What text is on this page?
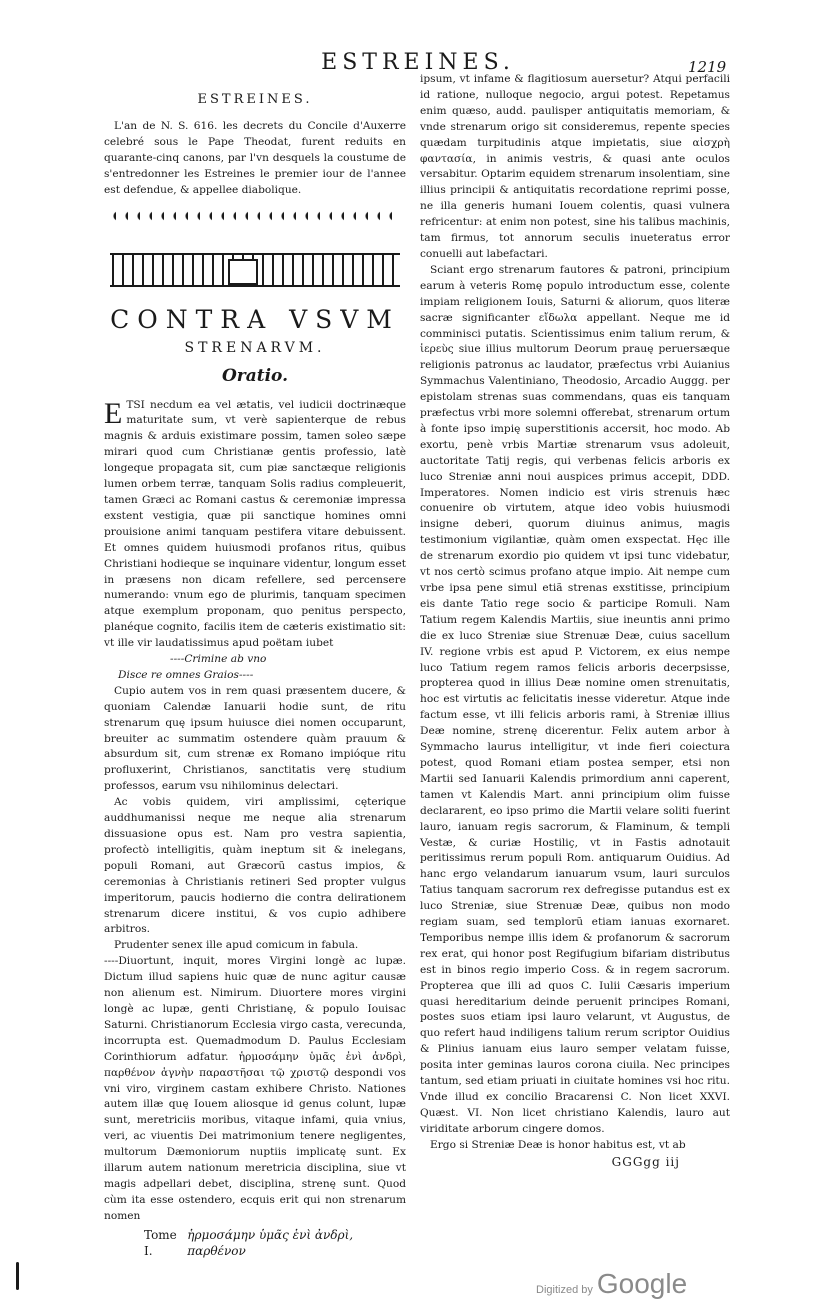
ESTREINES.	1219
ESTREINES.

L'an de N. S. 616. les decrets du Concile d'Auxerre celebré sous le Pape Theodat, furent reduits en quarante-cinq canons, par l'vn desquels la coustume de s'entredonner les Estreines le premier iour de l'annee est defendue, & appellee diabolique.

CONTRA VSVM
STRENARVM.
Oratio.

ETSI necdum ea vel ætatis, vel iudicii doctrinæque maturitate sum, vt verè sapienterque de rebus magnis & arduis existimare possim, tamen soleo sæpe mirari quod cum Christianæ gentis professio, latè longeque propagata sit, cum piæ sanctæque religionis lumen orbem terræ, tanquam Solis radius compleuerit, tamen Græci ac Romani castus & ceremoniæ impressa exstent vestigia, quæ pii sanctique homines omni prouisione animi tanquam pestifera vitare debuissent. Et omnes quidem huiusmodi profanos ritus, quibus Christiani hodieque se inquinare videntur, longum esset in præsens non dicam refellere, sed percensere numerando: vnum ego de plurimis, tanquam specimen atque exemplum proponam, quo penitus perspecto, planéque cognito, facilis item de cæteris existimatio sit: vt ille vir laudatissimus apud poëtam iubet

----Crimine ab vno
Disce re omnes Graios----

Cupio autem vos in rem quasi præsentem ducere, & quoniam Calendæ Ianuarii hodie sunt, de ritu strenarum quę ipsum huiusce diei nomen occuparunt, breuiter ac summatim ostendere quàm prauum & absurdum sit, cum strenæ ex Romano impióque ritu profluxerint, Christianos, sanctitatis verę studium professos, earum vsu nihilominus delectari.

Ac vobis quidem, viri amplissimi, cęterique auddhumanissi neque me neque alia strenarum dissuasione opus est. Nam pro vestra sapientia, profectò intelligitis, quàm ineptum sit & inelegans, populi Romani, aut Græcorũ castus impios, & ceremonias à Christianis retineri Sed propter vulgus imperitorum, paucis hodierno die contra delirationem strenarum dicere institui, & vos cupio adhibere arbitros.

Prudenter senex ille apud comicum in fabula.

----Diuortunt, inquit, mores Virgini longè ac lupæ. Dictum illud sapiens huic quæ de nunc agitur causæ non alienum est. Nimirum. Diuortere mores virgini longè ac lupæ, genti Christianę, & populo Iouisac Saturni. Christianorum Ecclesia virgo casta, verecunda, incorrupta est. Quemadmodum D. Paulus Ecclesiam Corinthiorum adfatur. ἡρμοσάμην ὑμᾶς ἑνὶ ἀνδρὶ, παρθένον ἁγνὴν παραστῆσαι τῷ χριστῷ despondi vos vni viro, virginem castam exhibere Christo. Nationes autem illæ quę Iouem aliosque id genus colunt, lupæ sunt, meretriciis moribus, vitaque infami, quia vnius, veri, ac viuentis Dei matrimonium tenere negligentes, multorum Dæmoniorum nuptiis implicatę sunt. Ex illarum autem nationum meretricia disciplina, siue vt magis adpellari debet, disciplina, strenę sunt. Quod cùm ita esse ostendero, ecquis erit qui non strenarum nomen

Tome I.
ἡρμοσάμην ὑμᾶς ἑνὶ ἀνδρὶ, παρθένον

ipsum, vt infame & flagitiosum auersetur? Atqui perfacili id ratione, nulloque negocio, argui potest. Repetamus enim quæso, audd. paulisper antiquitatis memoriam, & vnde strenarum origo sit consideremus, repente species quædam turpitudinis atque impietatis, siue αἰσχρὴ φαντασία, in animis vestris, & quasi ante oculos versabitur. Optarim equidem strenarum insolentiam, sine illius principii & antiquitatis recordatione reprimi posse, ne illa generis humani Iouem colentis, quasi vulnera refricentur: at enim non potest, sine his talibus machinis, tam firmus, tot annorum seculis inueteratus error conuelli aut labefactari.

Sciant ergo strenarum fautores & patroni, principium earum à veteris Romę populo introductum esse, colente impiam religionem Iouis, Saturni & aliorum, quos literæ sacræ significanter εἴδωλα appellant. Neque me id comminisci putatis. Scientissimus enim talium rerum, & ἱερεὺς siue illius multorum Deorum prauę peruersæque religionis patronus ac laudator, præfectus vrbi Auianius Symmachus Valentiniano, Theodosio, Arcadio Auggg. per epistolam strenas suas commendans, quas eis tanquam præfectus vrbi more solemni offerebat, strenarum ortum à fonte ipso impię superstitionis accersit, hoc modo. Ab exortu, penè vrbis Martiæ strenarum vsus adoleuit, auctoritate Tatij regis, qui verbenas felicis arboris ex luco Streniæ anni noui auspices primus accepit, DDD. Imperatores. Nomen indicio est viris strenuis hæc conuenire ob virtutem, atque ideo vobis huiusmodi insigne deberi, quorum diuinus animus, magis testimonium vigilantiæ, quàm omen exspectat. Hęc ille de strenarum exordio pio quidem vt ipsi tunc videbatur, vt nos certò scimus profano atque impio. Ait nempe cum vrbe ipsa pene simul etiã strenas exstitisse, principium eis dante Tatio rege socio & participe Romuli. Nam Tatium regem Kalendis Martiis, siue ineuntis anni primo die ex luco Streniæ siue Strenuæ Deæ, cuius sacellum IV. regione vrbis est apud P. Victorem, ex eius nempe luco Tatium regem ramos felicis arboris decerpsisse, propterea quod in illius Deæ nomine omen strenuitatis, hoc est virtutis ac felicitatis inesse videretur. Atque inde factum esse, vt illi felicis arboris rami, à Streniæ illius Deæ nomine, strenę dicerentur. Felix autem arbor à Symmacho laurus intelligitur, vt inde fieri coiectura potest, quod Romani etiam postea semper, etsi non Martii sed Ianuarii Kalendis primordium anni caperent, tamen vt Kalendis Mart. anni principium olim fuisse declararent, eo ipso primo die Martii velare soliti fuerint lauro, ianuam regis sacrorum, & Flaminum, & templi Vestæ, & curiæ Hostiliç, vt in Fastis adnotauit peritissimus rerum populi Rom. antiquarum Ouidius. Ad hanc ergo velandarum ianuarum vsum, lauri surculos Tatius tanquam sacrorum rex defregisse putandus est ex luco Streniæ, siue Strenuæ Deæ, quibus non modo regiam suam, sed templorũ etiam ianuas exornaret. Temporibus nempe illis idem & profanorum & sacrorum rex erat, qui honor post Regifugium bifariam distributus est in binos regio imperio Coss. & in regem sacrorum. Propterea que illi ad quos C. Iulii Cæsaris imperium quasi hereditarium deinde peruenit principes Romani, postes suos etiam ipsi lauro velarunt, vt Augustus, de quo refert haud indiligens talium rerum scriptor Ouidius & Plinius ianuam eius lauro semper velatam fuisse, posita inter geminas lauros corona ciuila. Nec principes tantum, sed etiam priuati in ciuitate homines vsi hoc ritu. Vnde illud ex concilio Bracarensi C. Non licet XXVI. Quæst. VI. Non licet christiano Kalendis, lauro aut viriditate arborum cingere domos.

Ergo si Streniæ Deæ is honor habitus est, vt ab

GGGgg iij
Digitized by Google
